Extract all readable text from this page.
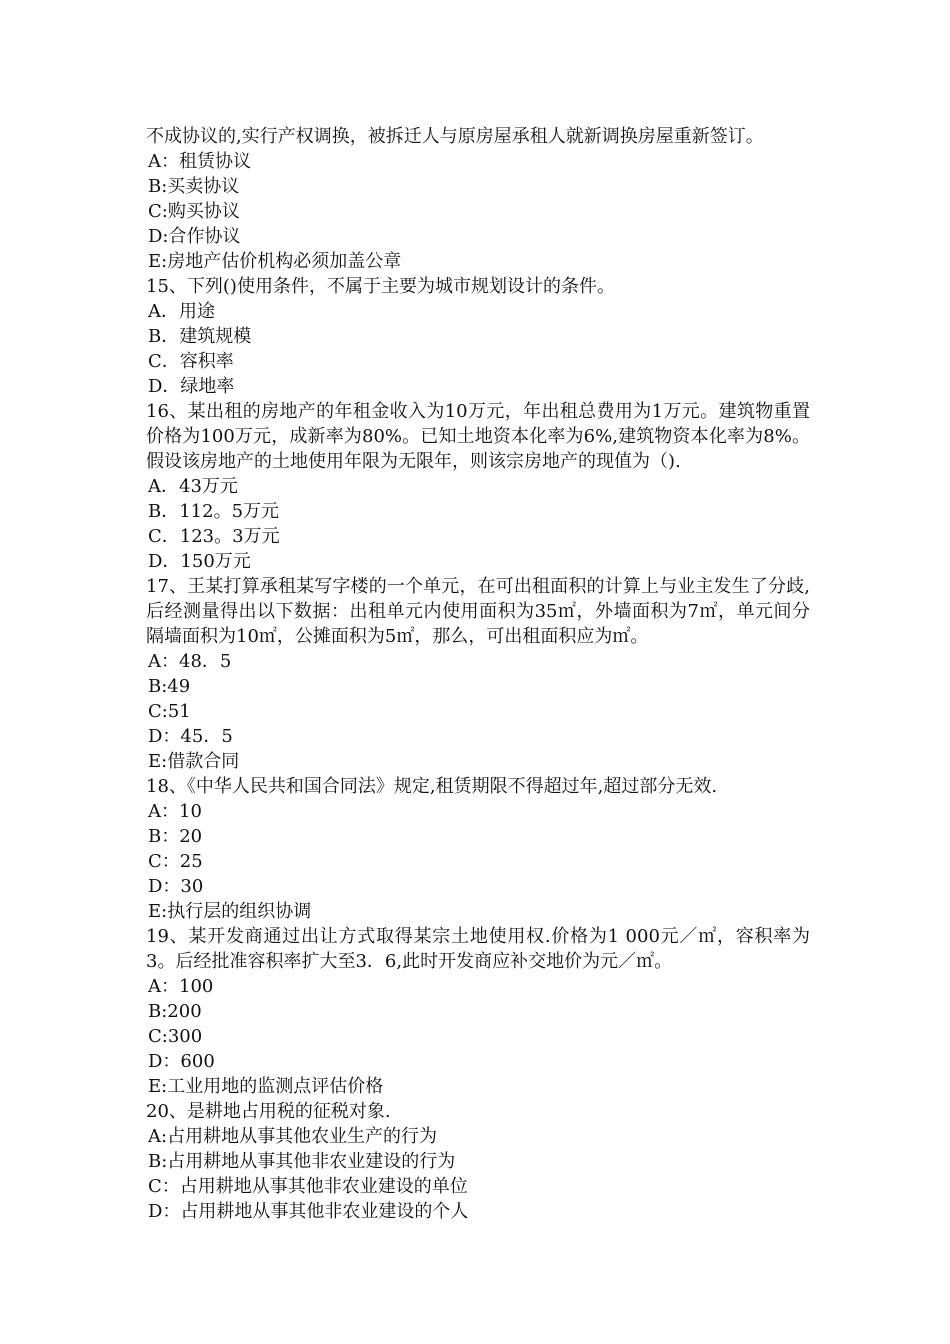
不成协议的,实行产权调换，被拆迁人与原房屋承租人就新调换房屋重新签订。
A：租赁协议
B:买卖协议
C:购买协议
D:合作协议
E:房地产估价机构必须加盖公章
15、下列()使用条件，不属于主要为城市规划设计的条件。
A．用途
B．建筑规模
C．容积率
D．绿地率
16、某出租的房地产的年租金收入为10万元，年出租总费用为1万元。建筑物重置价格为100万元，成新率为80%。已知土地资本化率为6%,建筑物资本化率为8%。假设该房地产的土地使用年限为无限年，则该宗房地产的现值为（).
A．43万元
B．112。5万元
C．123。3万元
D．150万元
17、王某打算承租某写字楼的一个单元，在可出租面积的计算上与业主发生了分歧,后经测量得出以下数据：出租单元内使用面积为35㎡，外墙面积为7㎡，单元间分隔墙面积为10㎡，公摊面积为5㎡，那么，可出租面积应为㎡。
A：48．5
B:49
C:51
D：45．5
E:借款合同
18、《中华人民共和国合同法》规定,租赁期限不得超过年,超过部分无效.
A：10
B：20
C：25
D：30
E:执行层的组织协调
19、某开发商通过出让方式取得某宗土地使用权.价格为1 000元／㎡，容积率为3。后经批准容积率扩大至3．6,此时开发商应补交地价为元／㎡。
A：100
B:200
C:300
D：600
E:工业用地的监测点评估价格
20、是耕地占用税的征税对象.
A:占用耕地从事其他农业生产的行为
B:占用耕地从事其他非农业建设的行为
C：占用耕地从事其他非农业建设的单位
D：占用耕地从事其他非农业建设的个人
